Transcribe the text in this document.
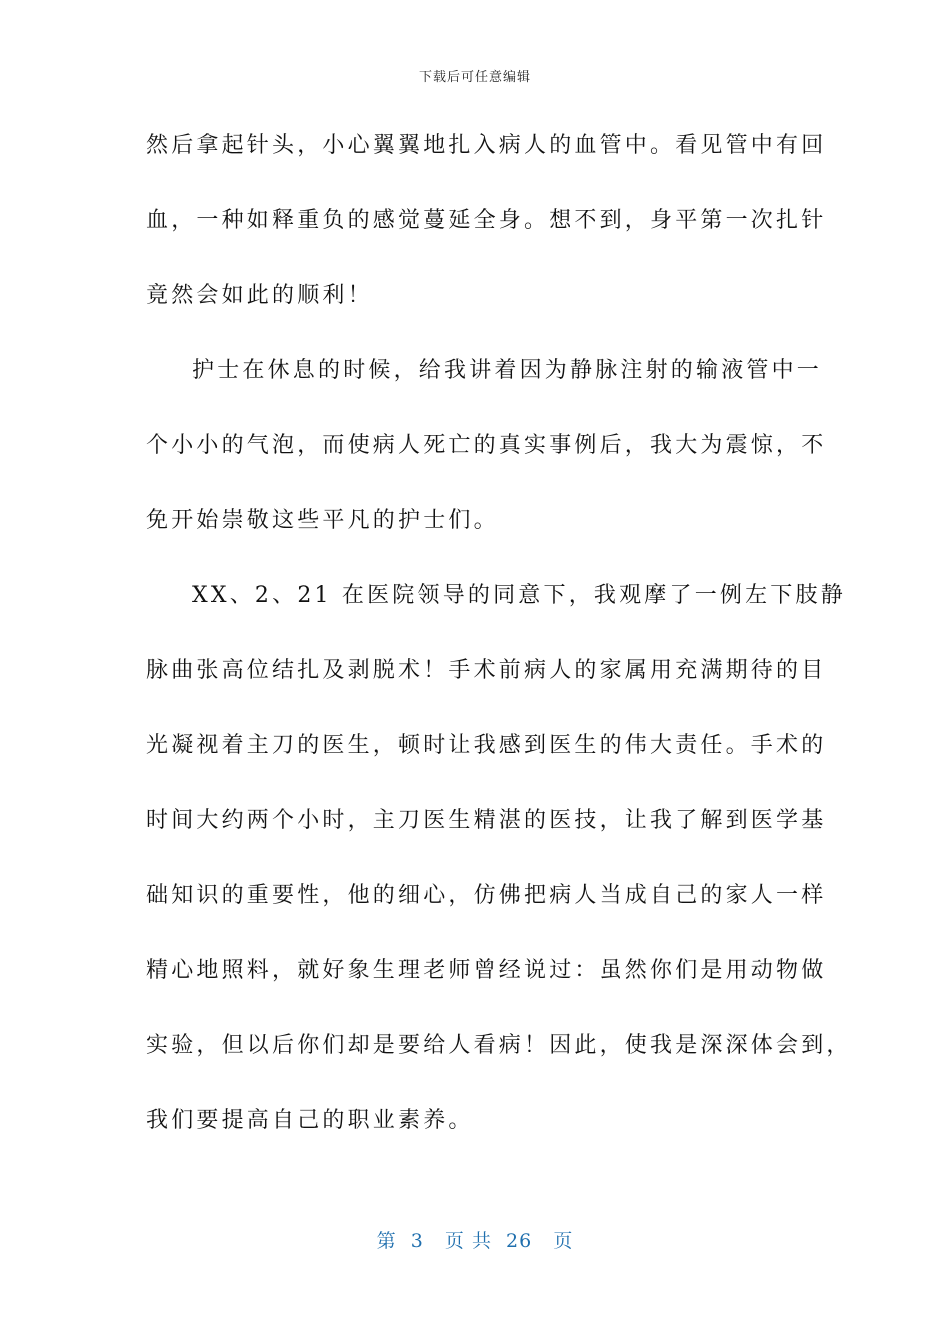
下载后可任意编辑
然后拿起针头，小心翼翼地扎入病人的血管中。看见管中有回
血，一种如释重负的感觉蔓延全身。想不到，身平第一次扎针
竟然会如此的顺利！
护士在休息的时候，给我讲着因为静脉注射的输液管中一
个小小的气泡，而使病人死亡的真实事例后，我大为震惊，不
免开始崇敬这些平凡的护士们。
XX、2、21 在医院领导的同意下，我观摩了一例左下肢静
脉曲张高位结扎及剥脱术！手术前病人的家属用充满期待的目
光凝视着主刀的医生，顿时让我感到医生的伟大责任。手术的
时间大约两个小时，主刀医生精湛的医技，让我了解到医学基
础知识的重要性，他的细心，仿佛把病人当成自己的家人一样
精心地照料，就好象生理老师曾经说过：虽然你们是用动物做
实验，但以后你们却是要给人看病！因此，使我是深深体会到，
我们要提高自己的职业素养。
第  3   页 共  26   页
